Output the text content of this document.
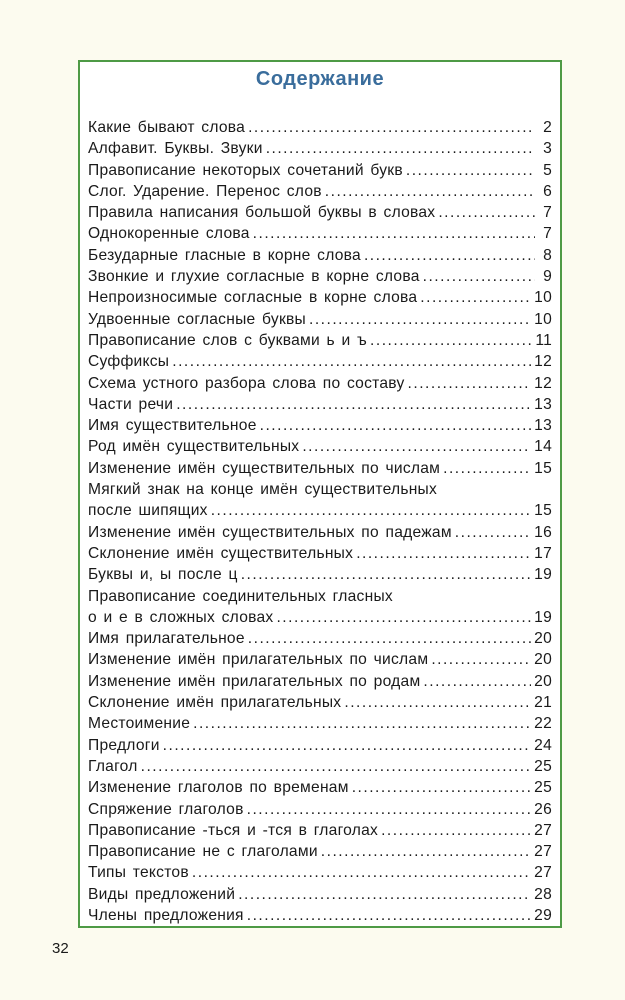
Содержание
Какие бывают слова .....	2
Алфавит. Буквы. Звуки .....	3
Правописание некоторых сочетаний букв .....	5
Слог. Ударение. Перенос слов .....	6
Правила написания большой буквы в словах .....	7
Однокоренные слова .....	7
Безударные гласные в корне слова .....	8
Звонкие и глухие согласные в корне слова .....	9
Непроизносимые согласные в корне слова .....	10
Удвоенные согласные буквы .....	10
Правописание слов с буквами ь и ъ .....	11
Суффиксы .....	12
Схема устного разбора слова по составу .....	12
Части речи .....	13
Имя существительное .....	13
Род имён существительных .....	14
Изменение имён существительных по числам .....	15
Мягкий знак на конце имён существительных
после шипящих .....	15
Изменение имён существительных по падежам .....	16
Склонение имён существительных .....	17
Буквы и, ы после ц .....	19
Правописание соединительных гласных
о и е в сложных словах .....	19
Имя прилагательное .....	20
Изменение имён прилагательных по числам .....	20
Изменение имён прилагательных по родам .....	20
Склонение имён прилагательных .....	21
Местоимение .....	22
Предлоги .....	24
Глагол .....	25
Изменение глаголов по временам .....	25
Спряжение глаголов .....	26
Правописание -ться и -тся в глаголах .....	27
Правописание не с глаголами .....	27
Типы текстов .....	27
Виды предложений .....	28
Члены предложения .....	29
32
